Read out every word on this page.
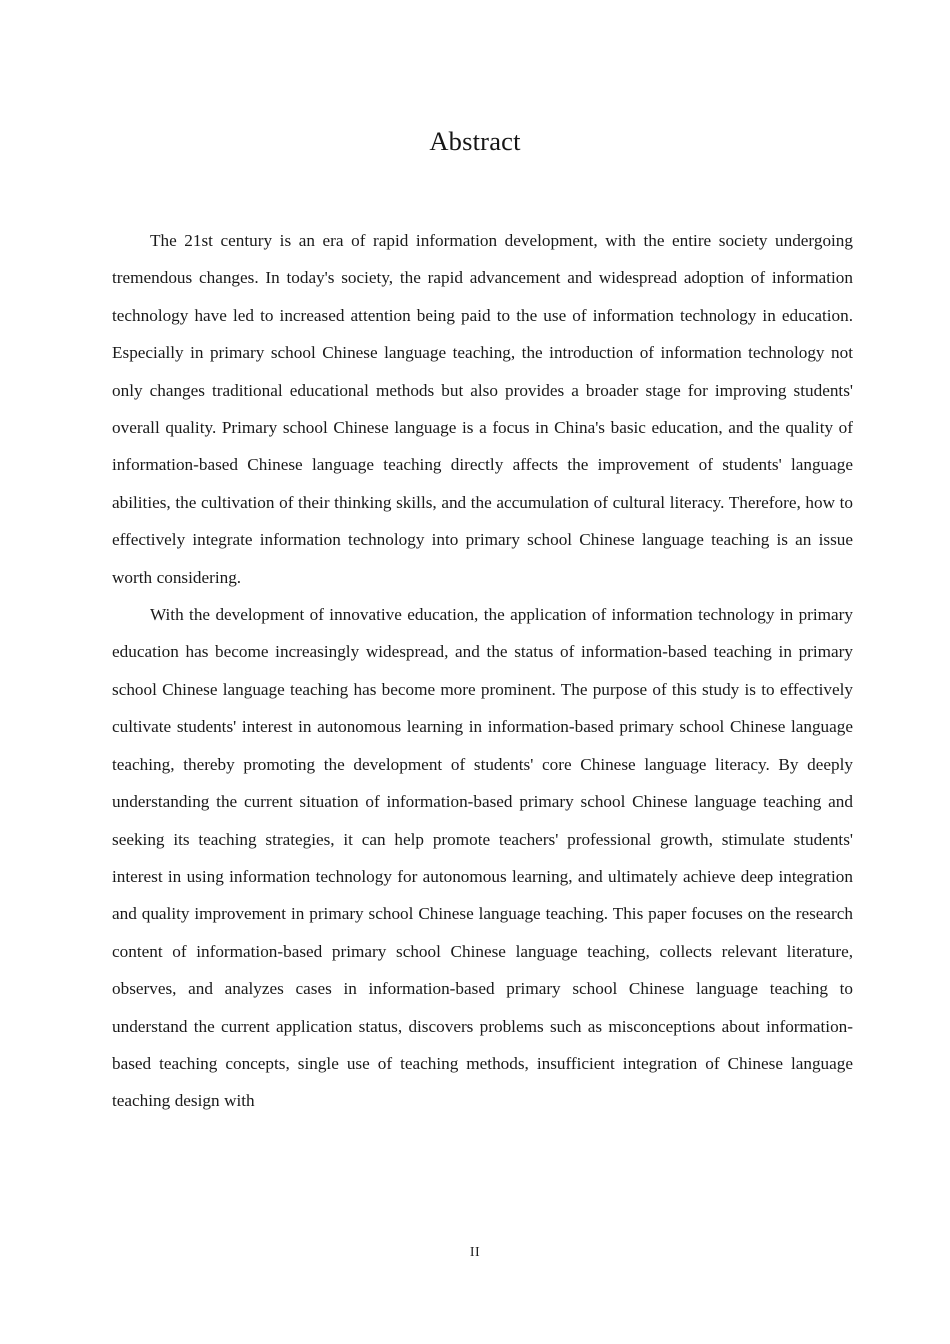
Abstract

The 21st century is an era of rapid information development, with the entire society undergoing tremendous changes. In today's society, the rapid advancement and widespread adoption of information technology have led to increased attention being paid to the use of information technology in education. Especially in primary school Chinese language teaching, the introduction of information technology not only changes traditional educational methods but also provides a broader stage for improving students' overall quality. Primary school Chinese language is a focus in China's basic education, and the quality of information-based Chinese language teaching directly affects the improvement of students' language abilities, the cultivation of their thinking skills, and the accumulation of cultural literacy. Therefore, how to effectively integrate information technology into primary school Chinese language teaching is an issue worth considering.

With the development of innovative education, the application of information technology in primary education has become increasingly widespread, and the status of information-based teaching in primary school Chinese language teaching has become more prominent. The purpose of this study is to effectively cultivate students' interest in autonomous learning in information-based primary school Chinese language teaching, thereby promoting the development of students' core Chinese language literacy. By deeply understanding the current situation of information-based primary school Chinese language teaching and seeking its teaching strategies, it can help promote teachers' professional growth, stimulate students' interest in using information technology for autonomous learning, and ultimately achieve deep integration and quality improvement in primary school Chinese language teaching. This paper focuses on the research content of information-based primary school Chinese language teaching, collects relevant literature, observes, and analyzes cases in information-based primary school Chinese language teaching to understand the current application status, discovers problems such as misconceptions about information-based teaching concepts, single use of teaching methods, insufficient integration of Chinese language teaching design with

II
